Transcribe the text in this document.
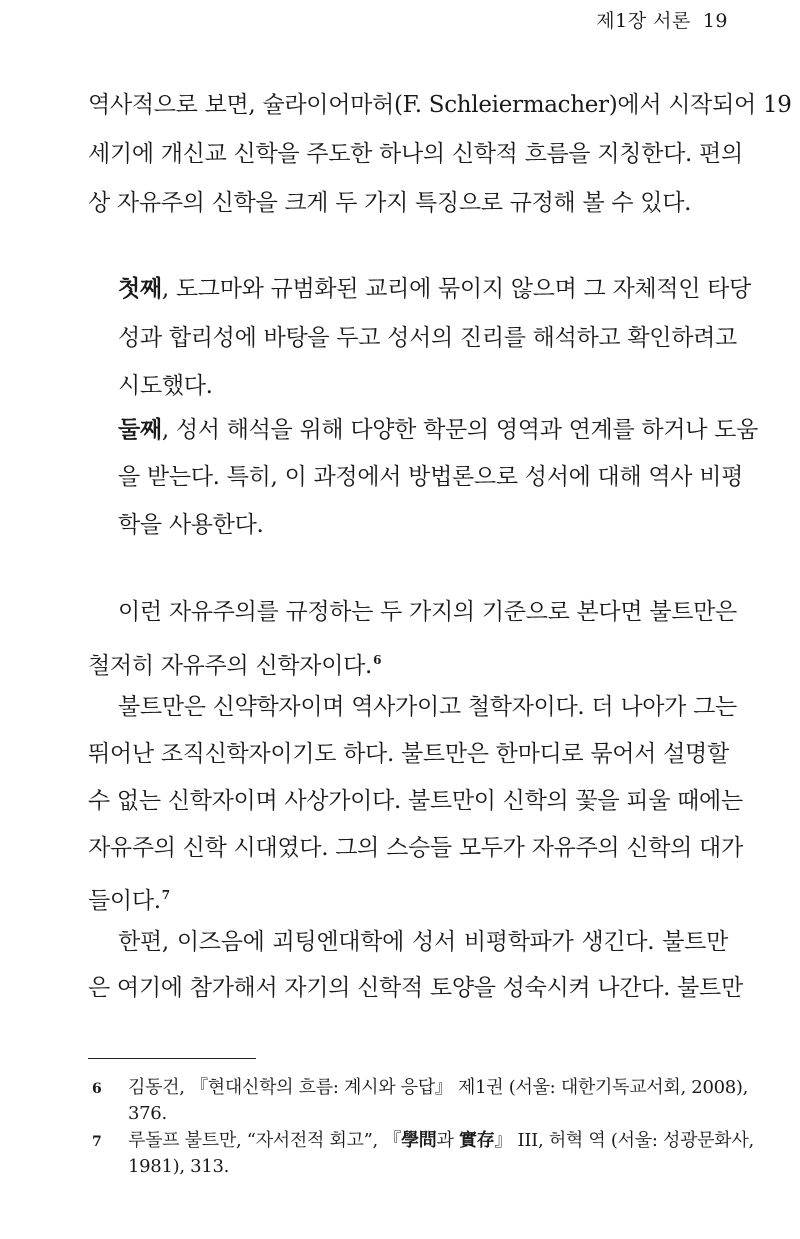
제1장 서론 19
역사적으로 보면, 슐라이어마허(F. Schleiermacher)에서 시작되어 19
세기에 개신교 신학을 주도한 하나의 신학적 흐름을 지칭한다. 편의
상 자유주의 신학을 크게 두 가지 특징으로 규정해 볼 수 있다.
첫째, 도그마와 규범화된 교리에 묶이지 않으며 그 자체적인 타당
성과 합리성에 바탕을 두고 성서의 진리를 해석하고 확인하려고
시도했다.
둘째, 성서 해석을 위해 다양한 학문의 영역과 연계를 하거나 도움
을 받는다. 특히, 이 과정에서 방법론으로 성서에 대해 역사 비평
학을 사용한다.
이런 자유주의를 규정하는 두 가지의 기준으로 본다면 불트만은
철저히 자유주의 신학자이다.$^6$
불트만은 신약학자이며 역사가이고 철학자이다. 더 나아가 그는
뛰어난 조직신학자이기도 하다. 불트만은 한마디로 묶어서 설명할
수 없는 신학자이며 사상가이다. 불트만이 신학의 꽃을 피울 때에는
자유주의 신학 시대였다. 그의 스승들 모두가 자유주의 신학의 대가
들이다.$^7$
한편, 이즈음에 괴팅엔대학에 성서 비평학파가 생긴다. 불트만
은 여기에 참가해서 자기의 신학적 토양을 성숙시켜 나간다. 불트만
6 김동건, 『현대신학의 흐름: 계시와 응답』 제1권 (서울: 대한기독교서회, 2008),
376.
7 루돌프 불트만, “자서전적 회고”, 『學問과 實存』 III, 허혁 역 (서울: 성광문화사,
1981), 313.
